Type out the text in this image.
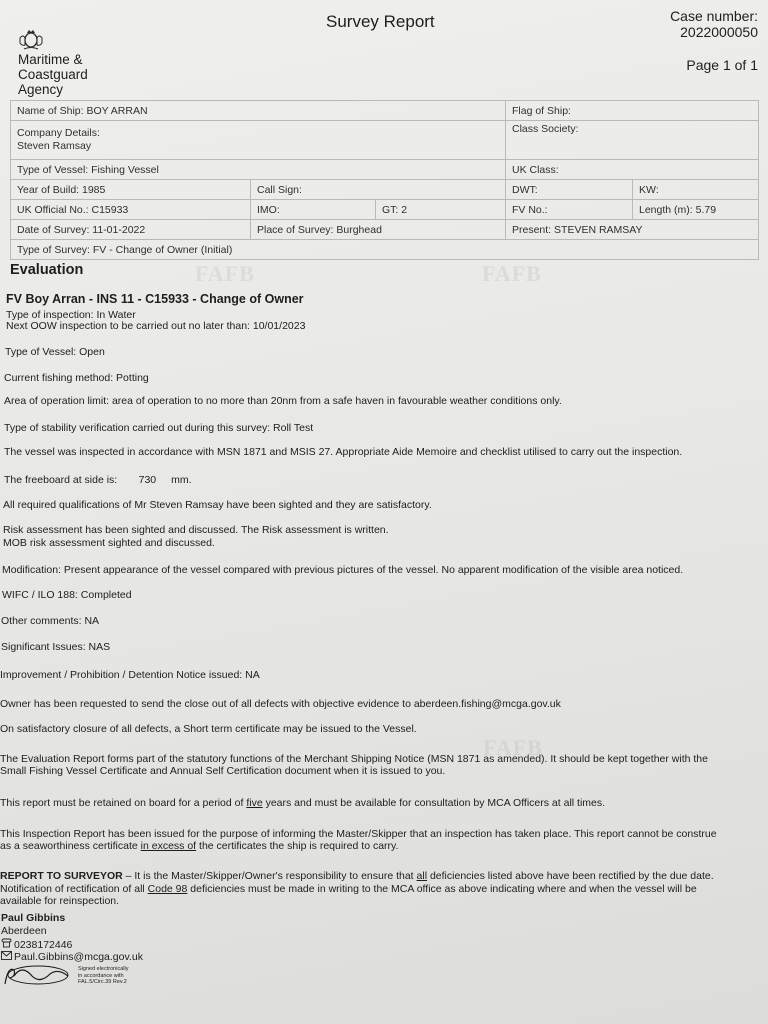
Maritime &
Coastguard
Agency
Survey Report	Case number:
2022000050
Page 1 of 1
Name of Ship: BOY ARRAN			Flag of Ship:	

Company Details:
Steven Ramsay			Class Society:	
Type of Vessel: Fishing Vessel			UK Class:	
Year of Build: 1985	Call Sign:		DWT:	KW:
UK Official No.: C15933	IMO:	GT: 2	FV No.:	Length (m): 5.79
Date of Survey: 11-01-2022	Place of Survey: Burghead		Present: STEVEN RAMSAY	
Type of Survey: FV - Change of Owner (Initial)				
Evaluation	FAFB	FAFB
FV Boy Arran - INS 11 - C15933 - Change of Owner
Type of inspection: In Water
Next OOW inspection to be carried out no later than: 10/01/2023
Type of Vessel: Open
Current fishing method: Potting
Area of operation limit: area of operation to no more than 20nm from a safe haven in favourable weather conditions only.
Type of stability verification carried out during this survey: Roll Test
The vessel was inspected in accordance with MSN 1871 and MSIS 27. Appropriate Aide Memoire and checklist utilised to carry out the inspection.
The freeboard at side is: 730 mm.
All required qualifications of Mr Steven Ramsay have been sighted and they are satisfactory.
Risk assessment has been sighted and discussed. The Risk assessment is written.
MOB risk assessment sighted and discussed.
Modification: Present appearance of the vessel compared with previous pictures of the vessel. No apparent modification of the visible area noticed.
WIFC / ILO 188: Completed
Other comments: NA
Significant Issues: NAS
Improvement / Prohibition / Detention Notice issued: NA
Owner has been requested to send the close out of all defects with objective evidence to aberdeen.fishing@mcga.gov.uk
On satisfactory closure of all defects, a Short term certificate may be issued to the Vessel.
FAFB
The Evaluation Report forms part of the statutory functions of the Merchant Shipping Notice (MSN 1871 as amended). It should be kept together with the
Small Fishing Vessel Certificate and Annual Self Certification document when it is issued to you.
This report must be retained on board for a period of five years and must be available for consultation by MCA Officers at all times.
This Inspection Report has been issued for the purpose of informing the Master/Skipper that an inspection has taken place. This report cannot be construe
as a seaworthiness certificate in excess of the certificates the ship is required to carry.
REPORT TO SURVEYOR – It is the Master/Skipper/Owner's responsibility to ensure that all deficiencies listed above have been rectified by the due date.
Notification of rectification of all Code 98 deficiencies must be made in writing to the MCA office as above indicating where and when the vessel will be
available for reinspection.
Paul Gibbins
Aberdeen
0238172446
Paul.Gibbins@mcga.gov.uk
Signed electronically
in accordance with
FAL.5/Circ.39 Rev.2
